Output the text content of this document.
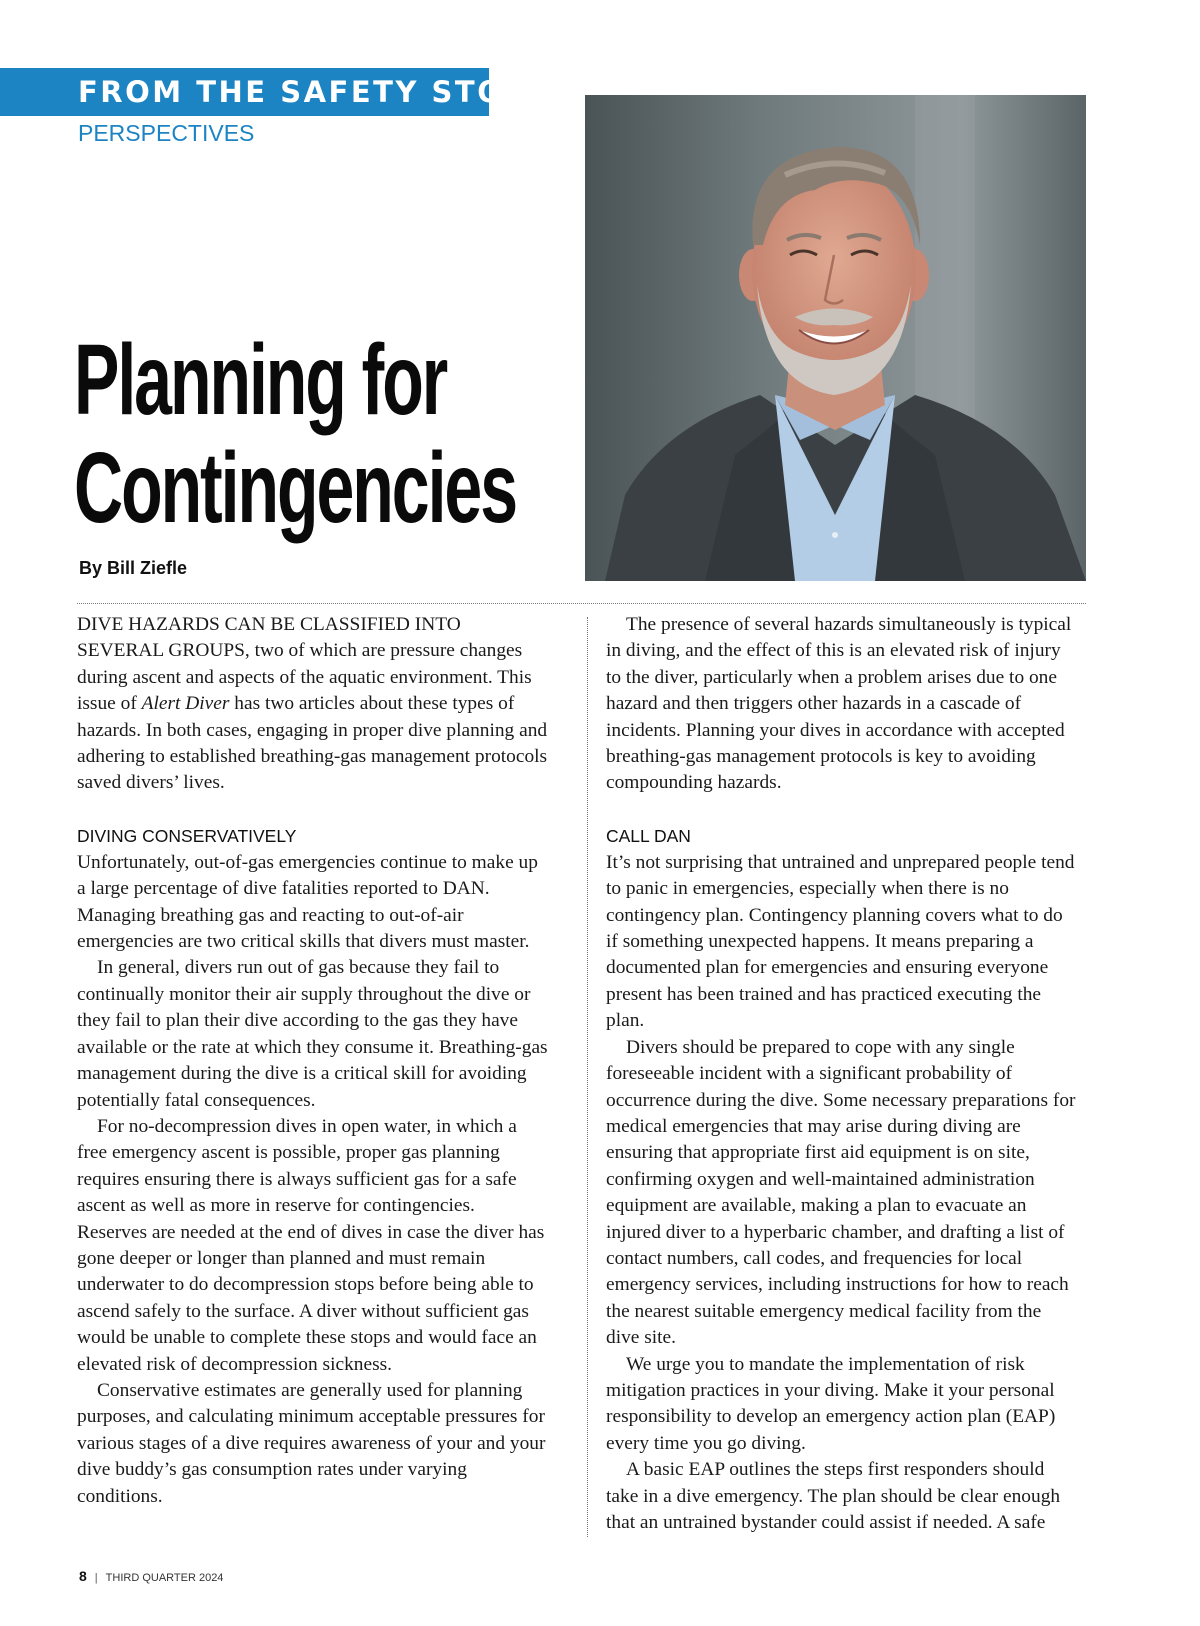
FROM THE SAFETY STOP
PERSPECTIVES
Planning for
Contingencies
By Bill Ziefle

DIVE HAZARDS CAN BE CLASSIFIED INTO SEVERAL GROUPS, two of which are pressure changes during ascent and aspects of the aquatic environment. This issue of Alert Diver has two articles about these types of hazards. In both cases, engaging in proper dive planning and adhering to established breathing-gas management protocols saved divers’ lives.

DIVING CONSERVATIVELY

Unfortunately, out-of-gas emergencies continue to make up a large percentage of dive fatalities reported to DAN. Managing breathing gas and reacting to out-of-air emergencies are two critical skills that divers must master.

In general, divers run out of gas because they fail to continually monitor their air supply throughout the dive or they fail to plan their dive according to the gas they have available or the rate at which they consume it. Breathing-gas management during the dive is a critical skill for avoiding potentially fatal consequences.

For no-decompression dives in open water, in which a free emergency ascent is possible, proper gas planning requires ensuring there is always sufficient gas for a safe ascent as well as more in reserve for contingencies. Reserves are needed at the end of dives in case the diver has gone deeper or longer than planned and must remain underwater to do decompression stops before being able to ascend safely to the surface. A diver without sufficient gas would be unable to complete these stops and would face an elevated risk of decompression sickness.

Conservative estimates are generally used for planning purposes, and calculating minimum acceptable pressures for various stages of a dive requires awareness of your and your dive buddy’s gas consumption rates under varying conditions.

The presence of several hazards simultaneously is typical in diving, and the effect of this is an elevated risk of injury to the diver, particularly when a problem arises due to one hazard and then triggers other hazards in a cascade of incidents. Planning your dives in accordance with accepted breathing-gas management protocols is key to avoiding compounding hazards.

CALL DAN

It’s not surprising that untrained and unprepared people tend to panic in emergencies, especially when there is no contingency plan. Contingency planning covers what to do if something unexpected happens. It means preparing a documented plan for emergencies and ensuring everyone present has been trained and has practiced executing the plan.

Divers should be prepared to cope with any single foreseeable incident with a significant probability of occurrence during the dive. Some necessary preparations for medical emergencies that may arise during diving are ensuring that appropriate first aid equipment is on site, confirming oxygen and well-maintained administration equipment are available, making a plan to evacuate an injured diver to a hyperbaric chamber, and drafting a list of contact numbers, call codes, and frequencies for local emergency services, including instructions for how to reach the nearest suitable emergency medical facility from the dive site.

We urge you to mandate the implementation of risk mitigation practices in your diving. Make it your personal responsibility to develop an emergency action plan (EAP) every time you go diving.

A basic EAP outlines the steps first responders should take in a dive emergency. The plan should be clear enough that an untrained bystander could assist if needed. A safe

8 | THIRD QUARTER 2024
